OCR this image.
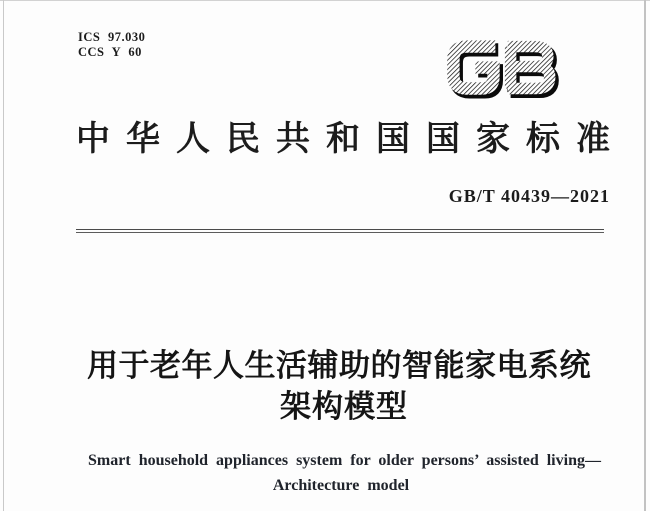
ICS 97.030
CCS Y 60
中华人民共和国国家标准
GB/T 40439—2021
用于老年人生活辅助的智能家电系统
架构模型
Smart household appliances system for older persons’ assisted living—
Architecture model
